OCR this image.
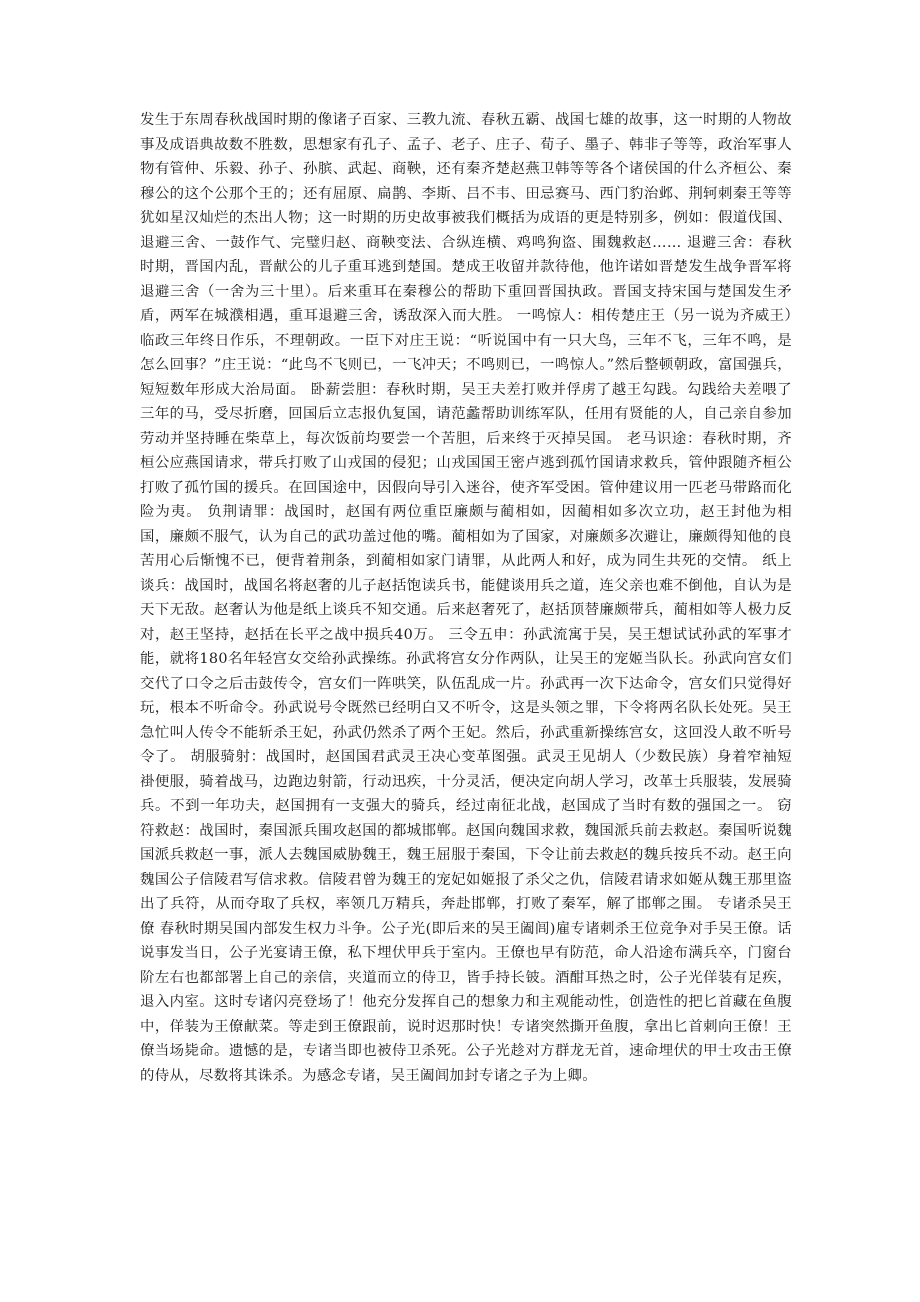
发生于东周春秋战国时期的像诸子百家、三教九流、春秋五霸、战国七雄的故事，这一时期的人物故事及成语典故数不胜数，思想家有孔子、孟子、老子、庄子、荀子、墨子、韩非子等等，政治军事人物有管仲、乐毅、孙子、孙膑、武起、商鞅，还有秦齐楚赵燕卫韩等等各个诸侯国的什么齐桓公、秦穆公的这个公那个王的；还有屈原、扁鹊、李斯、吕不韦、田忌赛马、西门豹治邺、荆轲刺秦王等等犹如星汉灿烂的杰出人物；这一时期的历史故事被我们概括为成语的更是特别多，例如：假道伐国、退避三舍、一鼓作气、完璧归赵、商鞅变法、合纵连横、鸡鸣狗盗、围魏救赵…… 退避三舍：春秋时期，晋国内乱，晋献公的儿子重耳逃到楚国。楚成王收留并款待他，他许诺如晋楚发生战争晋军将退避三舍（一舍为三十里）。后来重耳在秦穆公的帮助下重回晋国执政。晋国支持宋国与楚国发生矛盾，两军在城濮相遇，重耳退避三舍，诱敌深入而大胜。 一鸣惊人：相传楚庄王（另一说为齐威王）临政三年终日作乐，不理朝政。一臣下对庄王说：“听说国中有一只大鸟，三年不飞，三年不鸣，是怎么回事？”庄王说：“此鸟不飞则已，一飞冲天；不鸣则已，一鸣惊人。”然后整顿朝政，富国强兵，短短数年形成大治局面。 卧薪尝胆：春秋时期，吴王夫差打败并俘虏了越王勾践。勾践给夫差喂了三年的马，受尽折磨，回国后立志报仇复国，请范蠡帮助训练军队，任用有贤能的人，自己亲自参加劳动并坚持睡在柴草上，每次饭前均要尝一个苦胆，后来终于灭掉吴国。 老马识途：春秋时期，齐桓公应燕国请求，带兵打败了山戎国的侵犯；山戎国国王密卢逃到孤竹国请求救兵，管仲跟随齐桓公打败了孤竹国的援兵。在回国途中，因假向导引入迷谷，使齐军受困。管仲建议用一匹老马带路而化险为夷。 负荆请罪：战国时，赵国有两位重臣廉颇与蔺相如，因蔺相如多次立功，赵王封他为相国，廉颇不服气，认为自己的武功盖过他的嘴。蔺相如为了国家，对廉颇多次避让，廉颇得知他的良苦用心后惭愧不已，便背着荆条，到蔺相如家门请罪，从此两人和好，成为同生共死的交情。 纸上谈兵：战国时，战国名将赵奢的儿子赵括饱读兵书，能健谈用兵之道，连父亲也难不倒他，自认为是天下无敌。赵奢认为他是纸上谈兵不知交通。后来赵奢死了，赵括顶替廉颇带兵，蔺相如等人极力反对，赵王坚持，赵括在长平之战中损兵40万。 三令五申：孙武流寓于吴，吴王想试试孙武的军事才能，就将180名年轻宫女交给孙武操练。孙武将宫女分作两队，让吴王的宠姬当队长。孙武向宫女们交代了口令之后击鼓传令，宫女们一阵哄笑，队伍乱成一片。孙武再一次下达命令，宫女们只觉得好玩，根本不听命令。孙武说号令既然已经明白又不听令，这是头领之罪，下令将两名队长处死。吴王急忙叫人传令不能斩杀王妃，孙武仍然杀了两个王妃。然后，孙武重新操练宫女，这回没人敢不听号令了。 胡服骑射：战国时，赵国国君武灵王决心变革图强。武灵王见胡人（少数民族）身着窄袖短褂便服，骑着战马，边跑边射箭，行动迅疾，十分灵活，便决定向胡人学习，改革士兵服装，发展骑兵。不到一年功夫，赵国拥有一支强大的骑兵，经过南征北战，赵国成了当时有数的强国之一。 窃符救赵：战国时，秦国派兵围攻赵国的都城邯郸。赵国向魏国求救，魏国派兵前去救赵。秦国听说魏国派兵救赵一事，派人去魏国威胁魏王，魏王屈服于秦国，下令让前去救赵的魏兵按兵不动。赵王向魏国公子信陵君写信求救。信陵君曾为魏王的宠妃如姬报了杀父之仇，信陵君请求如姬从魏王那里盗出了兵符，从而夺取了兵权，率领几万精兵，奔赴邯郸，打败了秦军，解了邯郸之围。 专诸杀吴王僚 春秋时期吴国内部发生权力斗争。公子光(即后来的吴王阖闾)雇专诸刺杀王位竞争对手吴王僚。话说事发当日，公子光宴请王僚，私下埋伏甲兵于室内。王僚也早有防范，命人沿途布满兵卒，门窗台阶左右也都部署上自己的亲信，夹道而立的侍卫，皆手持长铍。酒酣耳热之时，公子光佯装有足疾，退入内室。这时专诸闪亮登场了！他充分发挥自己的想象力和主观能动性，创造性的把匕首藏在鱼腹中，佯装为王僚献菜。等走到王僚跟前，说时迟那时快！专诸突然撕开鱼腹，拿出匕首刺向王僚！王僚当场毙命。遗憾的是，专诸当即也被侍卫杀死。公子光趁对方群龙无首，速命埋伏的甲士攻击王僚的侍从，尽数将其诛杀。为感念专诸，吴王阖闾加封专诸之子为上卿。
